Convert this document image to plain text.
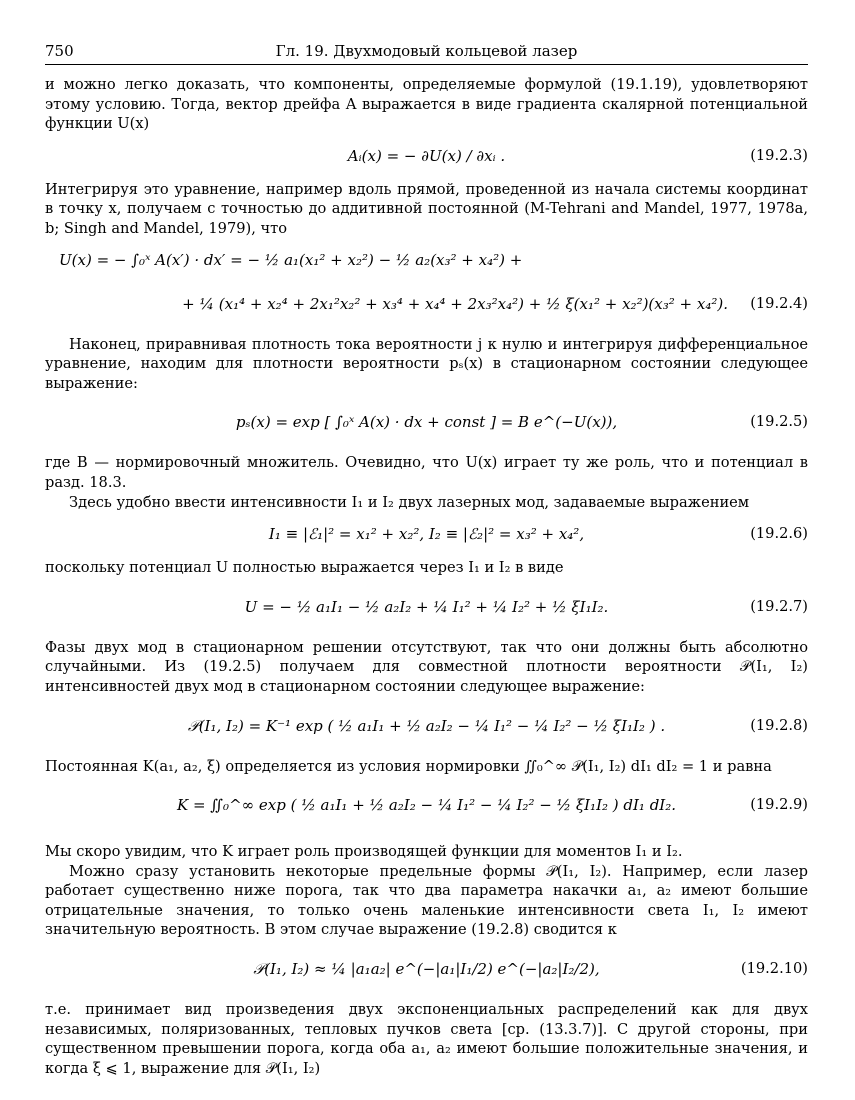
750	Гл. 19. Двухмодовый кольцевой лазер

и можно легко доказать, что компоненты, определяемые формулой (19.1.19), удовлетворяют этому условию. Тогда, вектор дрейфа A выражается в виде градиента скалярной потенциальной функции U(x)

Aᵢ(x) = − ∂U(x) / ∂xᵢ .	(19.2.3)

Интегрируя это уравнение, например вдоль прямой, проведенной из начала системы координат в точку x, получаем с точностью до аддитивной постоянной (M-Tehrani and Mandel, 1977, 1978a, b; Singh and Mandel, 1979), что

U(x) = − ∫₀ˣ A(x′) · dx′ = − ½ a₁(x₁² + x₂²) − ½ a₂(x₃² + x₄²) +
+ ¼ (x₁⁴ + x₂⁴ + 2x₁²x₂² + x₃⁴ + x₄⁴ + 2x₃²x₄²) + ½ ξ(x₁² + x₂²)(x₃² + x₄²). (19.2.4)

Наконец, приравнивая плотность тока вероятности j к нулю и интегрируя дифференциальное уравнение, находим для плотности вероятности pₛ(x) в стационарном состоянии следующее выражение:

pₛ(x) = exp [ ∫₀ˣ A(x) · dx + const ] = B e^(−U(x)),	(19.2.5)

где B — нормировочный множитель. Очевидно, что U(x) играет ту же роль, что и потенциал в разд. 18.3.

Здесь удобно ввести интенсивности I₁ и I₂ двух лазерных мод, задаваемые выражением

I₁ ≡ |ℰ₁|² = x₁² + x₂², I₂ ≡ |ℰ₂|² = x₃² + x₄²,	(19.2.6)

поскольку потенциал U полностью выражается через I₁ и I₂ в виде

U = − ½ a₁I₁ − ½ a₂I₂ + ¼ I₁² + ¼ I₂² + ½ ξI₁I₂.	(19.2.7)

Фазы двух мод в стационарном решении отсутствуют, так что они должны быть абсолютно случайными. Из (19.2.5) получаем для совместной плотности вероятности 𝒫(I₁, I₂) интенсивностей двух мод в стационарном состоянии следующее выражение:

𝒫(I₁, I₂) = K⁻¹ exp ( ½ a₁I₁ + ½ a₂I₂ − ¼ I₁² − ¼ I₂² − ½ ξI₁I₂ ) .	(19.2.8)

Постоянная K(a₁, a₂, ξ) определяется из условия нормировки ∬₀^∞ 𝒫(I₁, I₂) dI₁ dI₂ = 1 и равна

K = ∬₀^∞ exp ( ½ a₁I₁ + ½ a₂I₂ − ¼ I₁² − ¼ I₂² − ½ ξI₁I₂ ) dI₁ dI₂.	(19.2.9)

Мы скоро увидим, что K играет роль производящей функции для моментов I₁ и I₂.

Можно сразу установить некоторые предельные формы 𝒫(I₁, I₂). Например, если лазер работает существенно ниже порога, так что два параметра накачки a₁, a₂ имеют большие отрицательные значения, то только очень маленькие интенсивности света I₁, I₂ имеют значительную вероятность. В этом случае выражение (19.2.8) сводится к

𝒫(I₁, I₂) ≈ ¼ |a₁a₂| e^(−|a₁|I₁/2) e^(−|a₂|I₂/2),	(19.2.10)

т.е. принимает вид произведения двух экспоненциальных распределений как для двух независимых, поляризованных, тепловых пучков света [ср. (13.3.7)]. С другой стороны, при существенном превышении порога, когда оба a₁, a₂ имеют большие положительные значения, и когда ξ ⩽ 1, выражение для 𝒫(I₁, I₂)
